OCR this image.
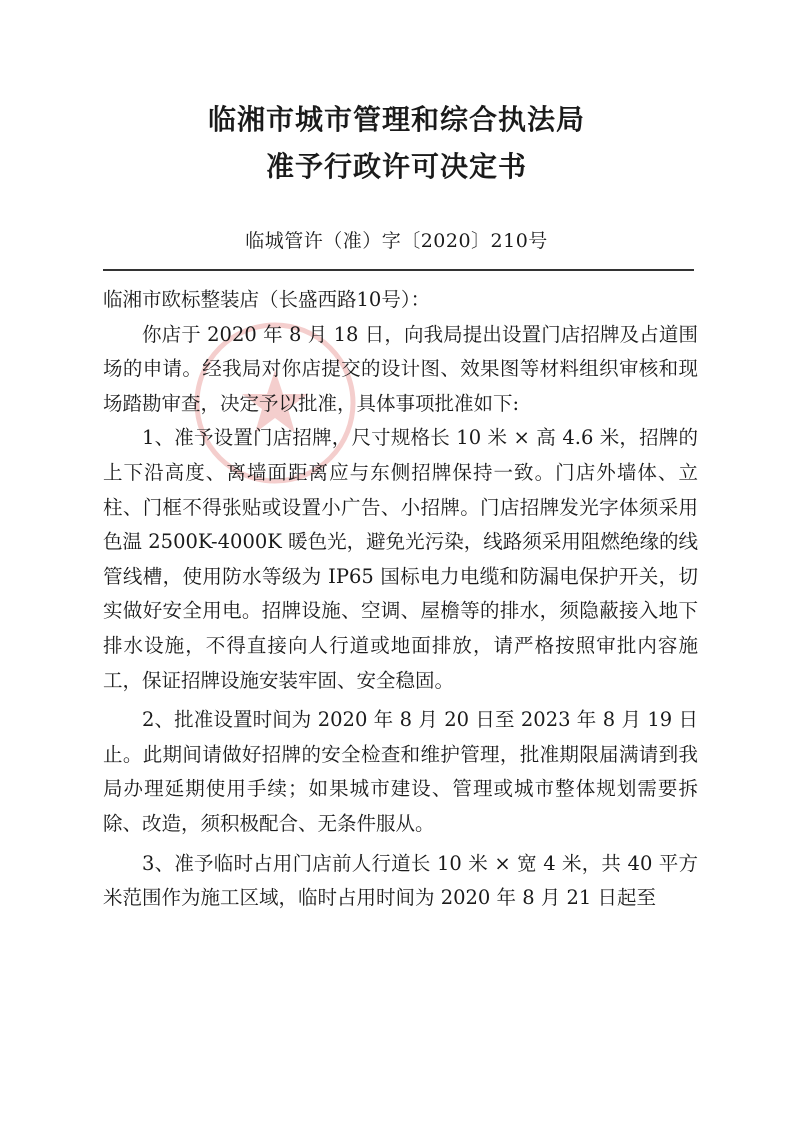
临湘市城市管理和综合执法局
准予行政许可决定书
临城管许（准）字〔2020〕210号

临湘市欧标整装店（长盛西路10号）：

你店于 2020 年 8 月 18 日，向我局提出设置门店招牌及占道围场的申请。经我局对你店提交的设计图、效果图等材料组织审核和现场踏勘审查，决定予以批准，具体事项批准如下:

1、准予设置门店招牌，尺寸规格长 10 米 × 高 4.6 米，招牌的上下沿高度、离墙面距离应与东侧招牌保持一致。门店外墙体、立柱、门框不得张贴或设置小广告、小招牌。门店招牌发光字体须采用色温 2500K-4000K 暖色光，避免光污染，线路须采用阻燃绝缘的线管线槽，使用防水等级为 IP65 国标电力电缆和防漏电保护开关，切实做好安全用电。招牌设施、空调、屋檐等的排水，须隐蔽接入地下排水设施，不得直接向人行道或地面排放，请严格按照审批内容施工，保证招牌设施安装牢固、安全稳固。

2、批准设置时间为 2020 年 8 月 20 日至 2023 年 8 月 19 日止。此期间请做好招牌的安全检查和维护管理，批准期限届满请到我局办理延期使用手续；如果城市建设、管理或城市整体规划需要拆除、改造，须积极配合、无条件服从。

3、准予临时占用门店前人行道长 10 米 × 宽 4 米，共 40 平方米范围作为施工区域，临时占用时间为 2020 年 8 月 21 日起至
